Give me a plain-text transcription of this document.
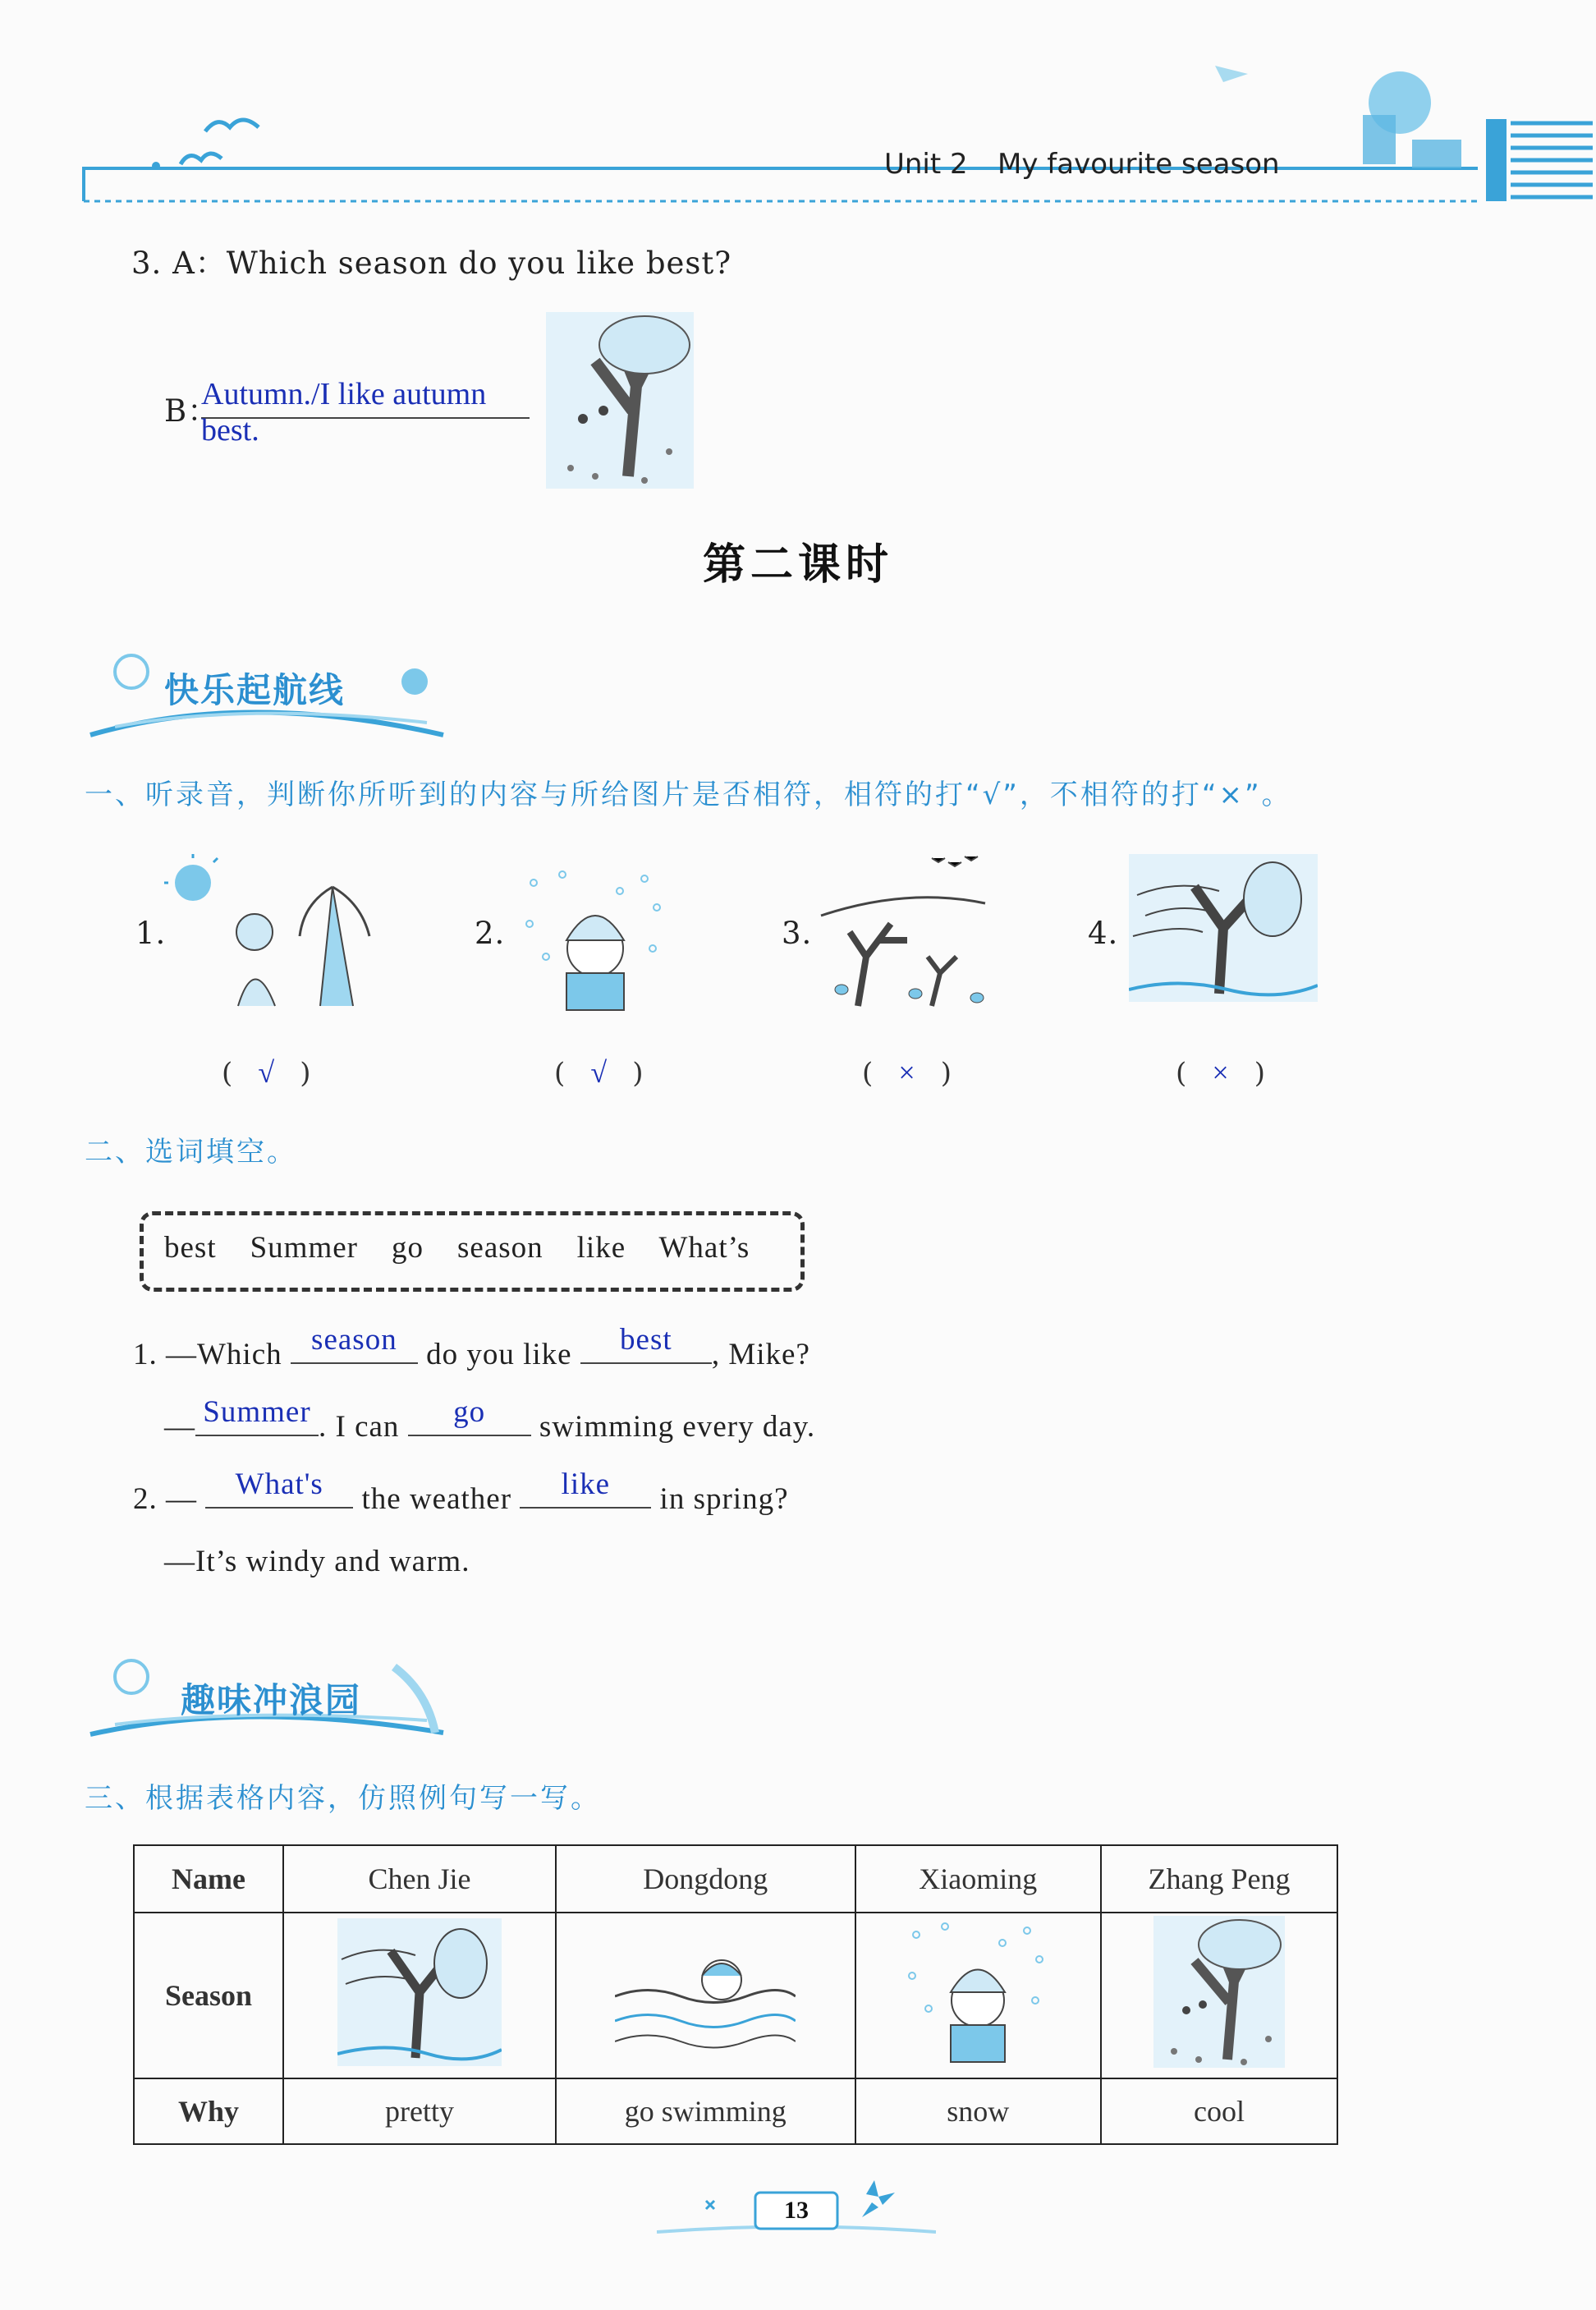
Unit 2 My favourite season
3. A：Which season do you like best?
B：
Autumn./I like autumn best.
第二课时
快乐起航线
一、听录音，判断你所听到的内容与所给图片是否相符，相符的打“√”，不相符的打“×”。
1.
( √ )
2.
( √ )
3.
( × )
4.
( × )
二、选词填空。
best Summer go season like What’s
1. —Which season do you like	best	, Mike?
— Summer . I can	go	swimming every day.
2. —	What's	the weather	like	in spring?
—It’s windy and warm.
趣味冲浪园
三、根据表格内容，仿照例句写一写。
Name	Chen Jie	Dongdong	Xiaoming	Zhang Peng
Season				
Why	pretty	go swimming	snow	cool
13
